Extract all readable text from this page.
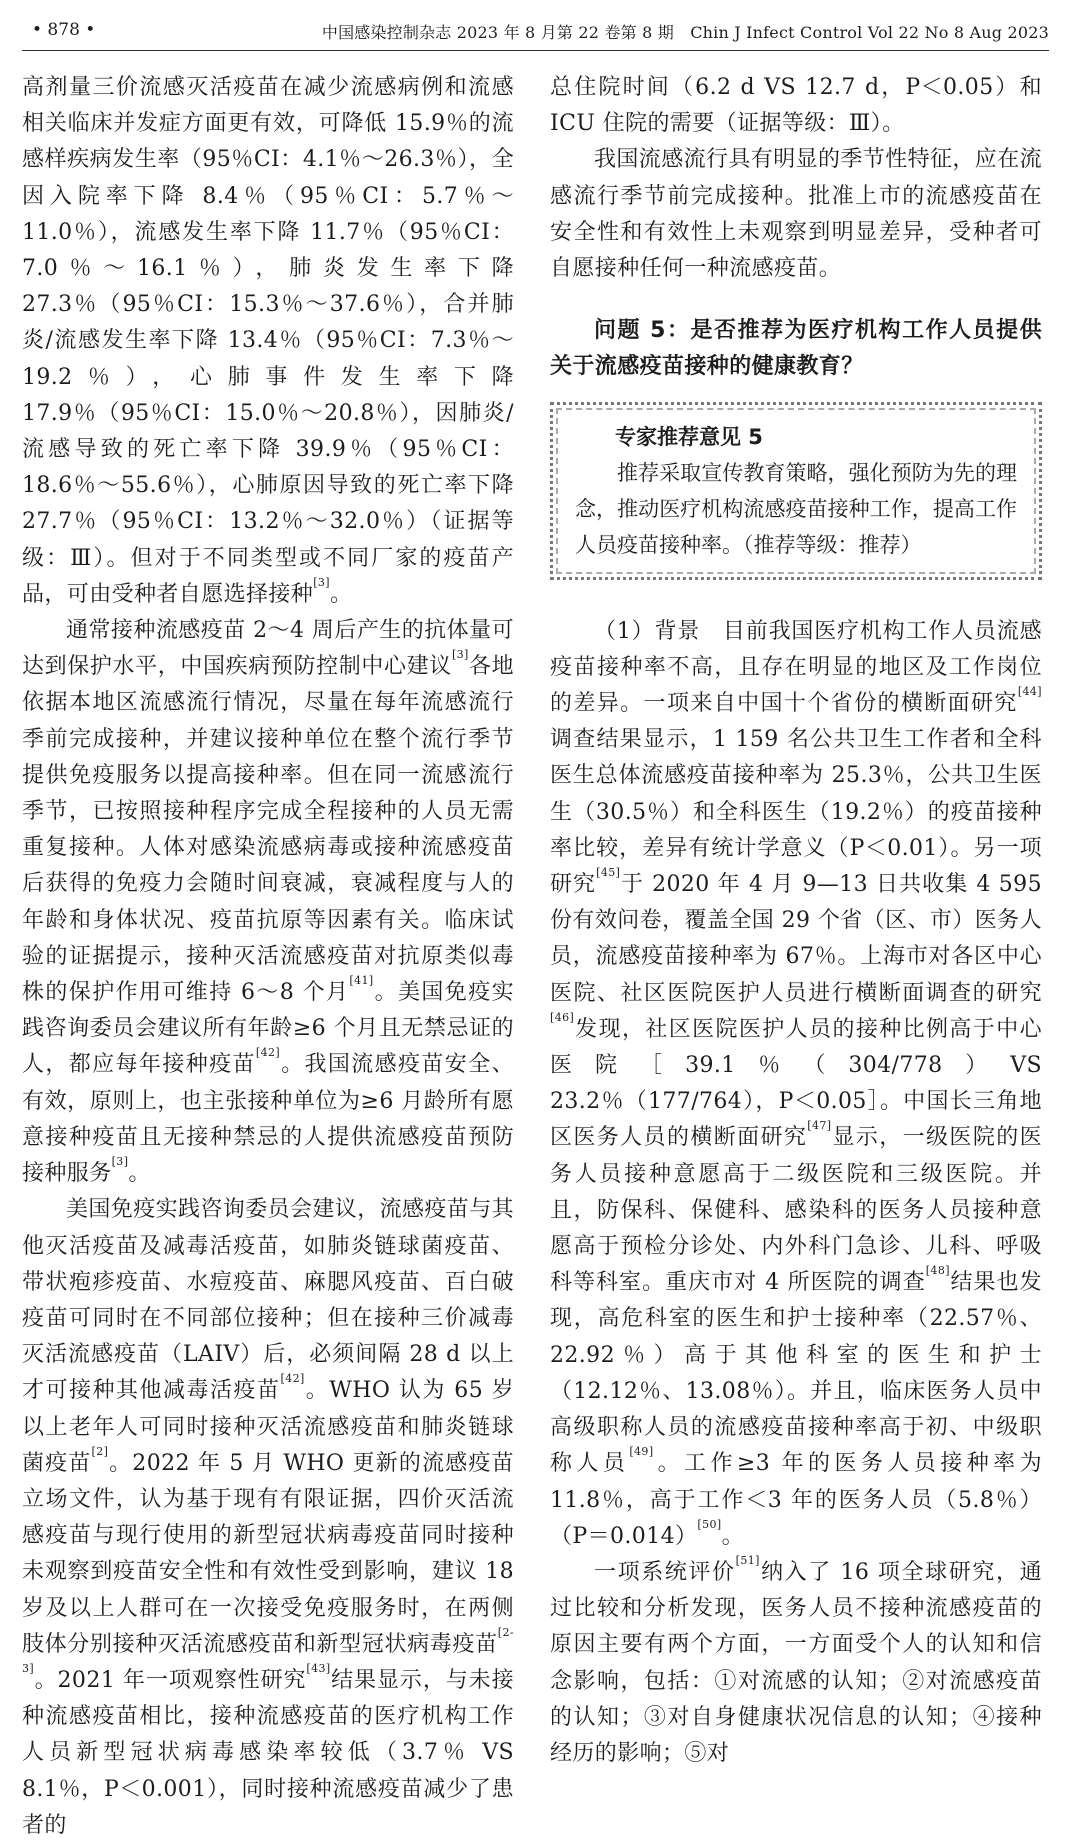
• 878 •	中国感染控制杂志 2023 年 8 月第 22 卷第 8 期　Chin J Infect Control Vol 22 No 8 Aug 2023

高剂量三价流感灭活疫苗在减少流感病例和流感相关临床并发症方面更有效，可降低 15.9％的流感样疾病发生率（95％CI：4.1％～26.3％），全因入院率下降 8.4％（95％CI：5.7％～11.0％），流感发生率下降 11.7％（95％CI：7.0％～16.1％），肺炎发生率下降 27.3％（95％CI：15.3％～37.6％），合并肺炎/流感发生率下降 13.4％（95％CI：7.3％～19.2％），心肺事件发生率下降 17.9％（95％CI：15.0％～20.8％），因肺炎/流感导致的死亡率下降 39.9％（95％CI：18.6％～55.6％），心肺原因导致的死亡率下降 27.7％（95％CI：13.2％～32.0％）（证据等级：Ⅲ）。但对于不同类型或不同厂家的疫苗产品，可由受种者自愿选择接种[3]。

通常接种流感疫苗 2～4 周后产生的抗体量可达到保护水平，中国疾病预防控制中心建议[3]各地依据本地区流感流行情况，尽量在每年流感流行季前完成接种，并建议接种单位在整个流行季节提供免疫服务以提高接种率。但在同一流感流行季节，已按照接种程序完成全程接种的人员无需重复接种。人体对感染流感病毒或接种流感疫苗后获得的免疫力会随时间衰减，衰减程度与人的年龄和身体状况、疫苗抗原等因素有关。临床试验的证据提示，接种灭活流感疫苗对抗原类似毒株的保护作用可维持 6～8 个月[41]。美国免疫实践咨询委员会建议所有年龄≥6 个月且无禁忌证的人，都应每年接种疫苗[42]。我国流感疫苗安全、有效，原则上，也主张接种单位为≥6 月龄所有愿意接种疫苗且无接种禁忌的人提供流感疫苗预防接种服务[3]。

美国免疫实践咨询委员会建议，流感疫苗与其他灭活疫苗及减毒活疫苗，如肺炎链球菌疫苗、带状疱疹疫苗、水痘疫苗、麻腮风疫苗、百白破疫苗可同时在不同部位接种；但在接种三价减毒灭活流感疫苗（LAIV）后，必须间隔 28 d 以上才可接种其他减毒活疫苗[42]。WHO 认为 65 岁以上老年人可同时接种灭活流感疫苗和肺炎链球菌疫苗[2]。2022 年 5 月 WHO 更新的流感疫苗立场文件，认为基于现有有限证据，四价灭活流感疫苗与现行使用的新型冠状病毒疫苗同时接种未观察到疫苗安全性和有效性受到影响，建议 18 岁及以上人群可在一次接受免疫服务时，在两侧肢体分别接种灭活流感疫苗和新型冠状病毒疫苗[2-3]。2021 年一项观察性研究[43]结果显示，与未接种流感疫苗相比，接种流感疫苗的医疗机构工作人员新型冠状病毒感染率较低（3.7％ VS 8.1％，P＜0.001），同时接种流感疫苗减少了患者的

总住院时间（6.2 d VS 12.7 d，P＜0.05）和 ICU 住院的需要（证据等级：Ⅲ）。

我国流感流行具有明显的季节性特征，应在流感流行季节前完成接种。批准上市的流感疫苗在安全性和有效性上未观察到明显差异，受种者可自愿接种任何一种流感疫苗。

问题 5：是否推荐为医疗机构工作人员提供关于流感疫苗接种的健康教育？

专家推荐意见 5
推荐采取宣传教育策略，强化预防为先的理念，推动医疗机构流感疫苗接种工作，提高工作人员疫苗接种率。（推荐等级：推荐）

（1）背景　目前我国医疗机构工作人员流感疫苗接种率不高，且存在明显的地区及工作岗位的差异。一项来自中国十个省份的横断面研究[44]调查结果显示，1 159 名公共卫生工作者和全科医生总体流感疫苗接种率为 25.3％，公共卫生医生（30.5％）和全科医生（19.2％）的疫苗接种率比较，差异有统计学意义（P＜0.01）。另一项研究[45]于 2020 年 4 月 9—13 日共收集 4 595 份有效问卷，覆盖全国 29 个省（区、市）医务人员，流感疫苗接种率为 67％。上海市对各区中心医院、社区医院医护人员进行横断面调查的研究[46]发现，社区医院医护人员的接种比例高于中心医院［39.1％（304/778）VS 23.2％（177/764），P＜0.05］。中国长三角地区医务人员的横断面研究[47]显示，一级医院的医务人员接种意愿高于二级医院和三级医院。并且，防保科、保健科、感染科的医务人员接种意愿高于预检分诊处、内外科门急诊、儿科、呼吸科等科室。重庆市对 4 所医院的调查[48]结果也发现，高危科室的医生和护士接种率（22.57％、22.92％）高于其他科室的医生和护士（12.12％、13.08％）。并且，临床医务人员中高级职称人员的流感疫苗接种率高于初、中级职称人员[49]。工作≥3 年的医务人员接种率为 11.8％，高于工作＜3 年的医务人员（5.8％）（P＝0.014）[50]。

一项系统评价[51]纳入了 16 项全球研究，通过比较和分析发现，医务人员不接种流感疫苗的原因主要有两个方面，一方面受个人的认知和信念影响，包括：①对流感的认知；②对流感疫苗的认知；③对自身健康状况信息的认知；④接种经历的影响；⑤对
